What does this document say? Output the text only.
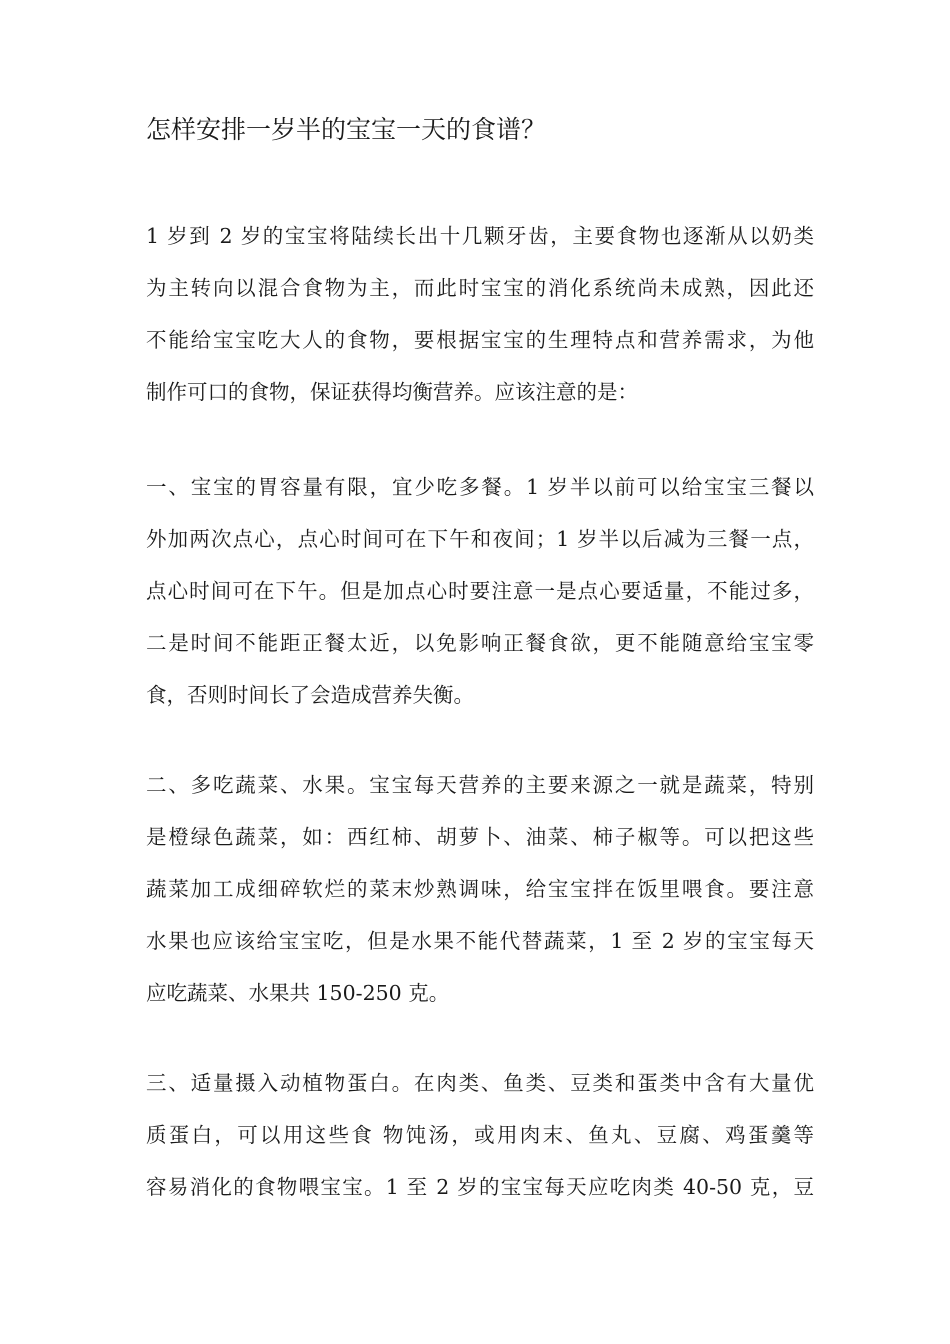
怎样安排一岁半的宝宝一天的食谱？
1 岁到 2 岁的宝宝将陆续长出十几颗牙齿，主要食物也逐渐从以奶类
为主转向以混合食物为主，而此时宝宝的消化系统尚未成熟，因此还
不能给宝宝吃大人的食物，要根据宝宝的生理特点和营养需求，为他
制作可口的食物，保证获得均衡营养。应该注意的是：
一、宝宝的胃容量有限，宜少吃多餐。1 岁半以前可以给宝宝三餐以
外加两次点心，点心时间可在下午和夜间；1 岁半以后减为三餐一点，
点心时间可在下午。但是加点心时要注意一是点心要适量，不能过多，
二是时间不能距正餐太近，以免影响正餐食欲，更不能随意给宝宝零
食，否则时间长了会造成营养失衡。
二、多吃蔬菜、水果。宝宝每天营养的主要来源之一就是蔬菜，特别
是橙绿色蔬菜，如：西红柿、胡萝卜、油菜、柿子椒等。可以把这些
蔬菜加工成细碎软烂的菜末炒熟调味，给宝宝拌在饭里喂食。要注意
水果也应该给宝宝吃，但是水果不能代替蔬菜，1 至 2 岁的宝宝每天
应吃蔬菜、水果共 150-250 克。
三、适量摄入动植物蛋白。在肉类、鱼类、豆类和蛋类中含有大量优
质蛋白，可以用这些食 物饨汤，或用肉末、鱼丸、豆腐、鸡蛋羹等
容易消化的食物喂宝宝。1 至 2 岁的宝宝每天应吃肉类 40-50 克，豆
